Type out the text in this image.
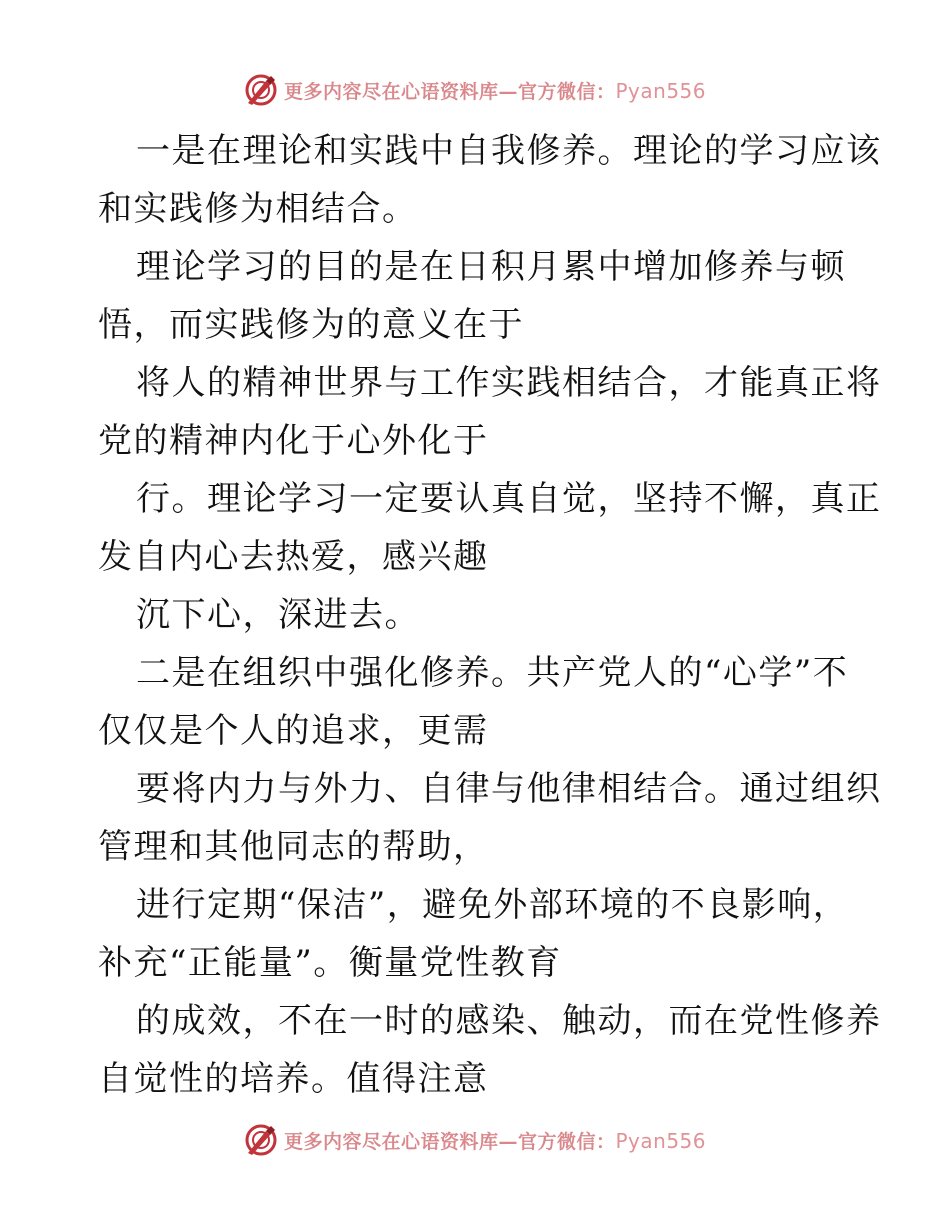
更多内容尽在心语资料库—官方微信：Pyan556
一是在理论和实践中自我修养。理论的学习应该
和实践修为相结合。
理论学习的目的是在日积月累中增加修养与顿
悟，而实践修为的意义在于
将人的精神世界与工作实践相结合，才能真正将
党的精神内化于心外化于
行。理论学习一定要认真自觉，坚持不懈，真正
发自内心去热爱，感兴趣
沉下心，深进去。
二是在组织中强化修养。共产党人的“心学”不
仅仅是个人的追求，更需
要将内力与外力、自律与他律相结合。通过组织
管理和其他同志的帮助，
进行定期“保洁”，避免外部环境的不良影响，
补充“正能量”。衡量党性教育
的成效，不在一时的感染、触动，而在党性修养
自觉性的培养。值得注意
更多内容尽在心语资料库—官方微信：Pyan556
